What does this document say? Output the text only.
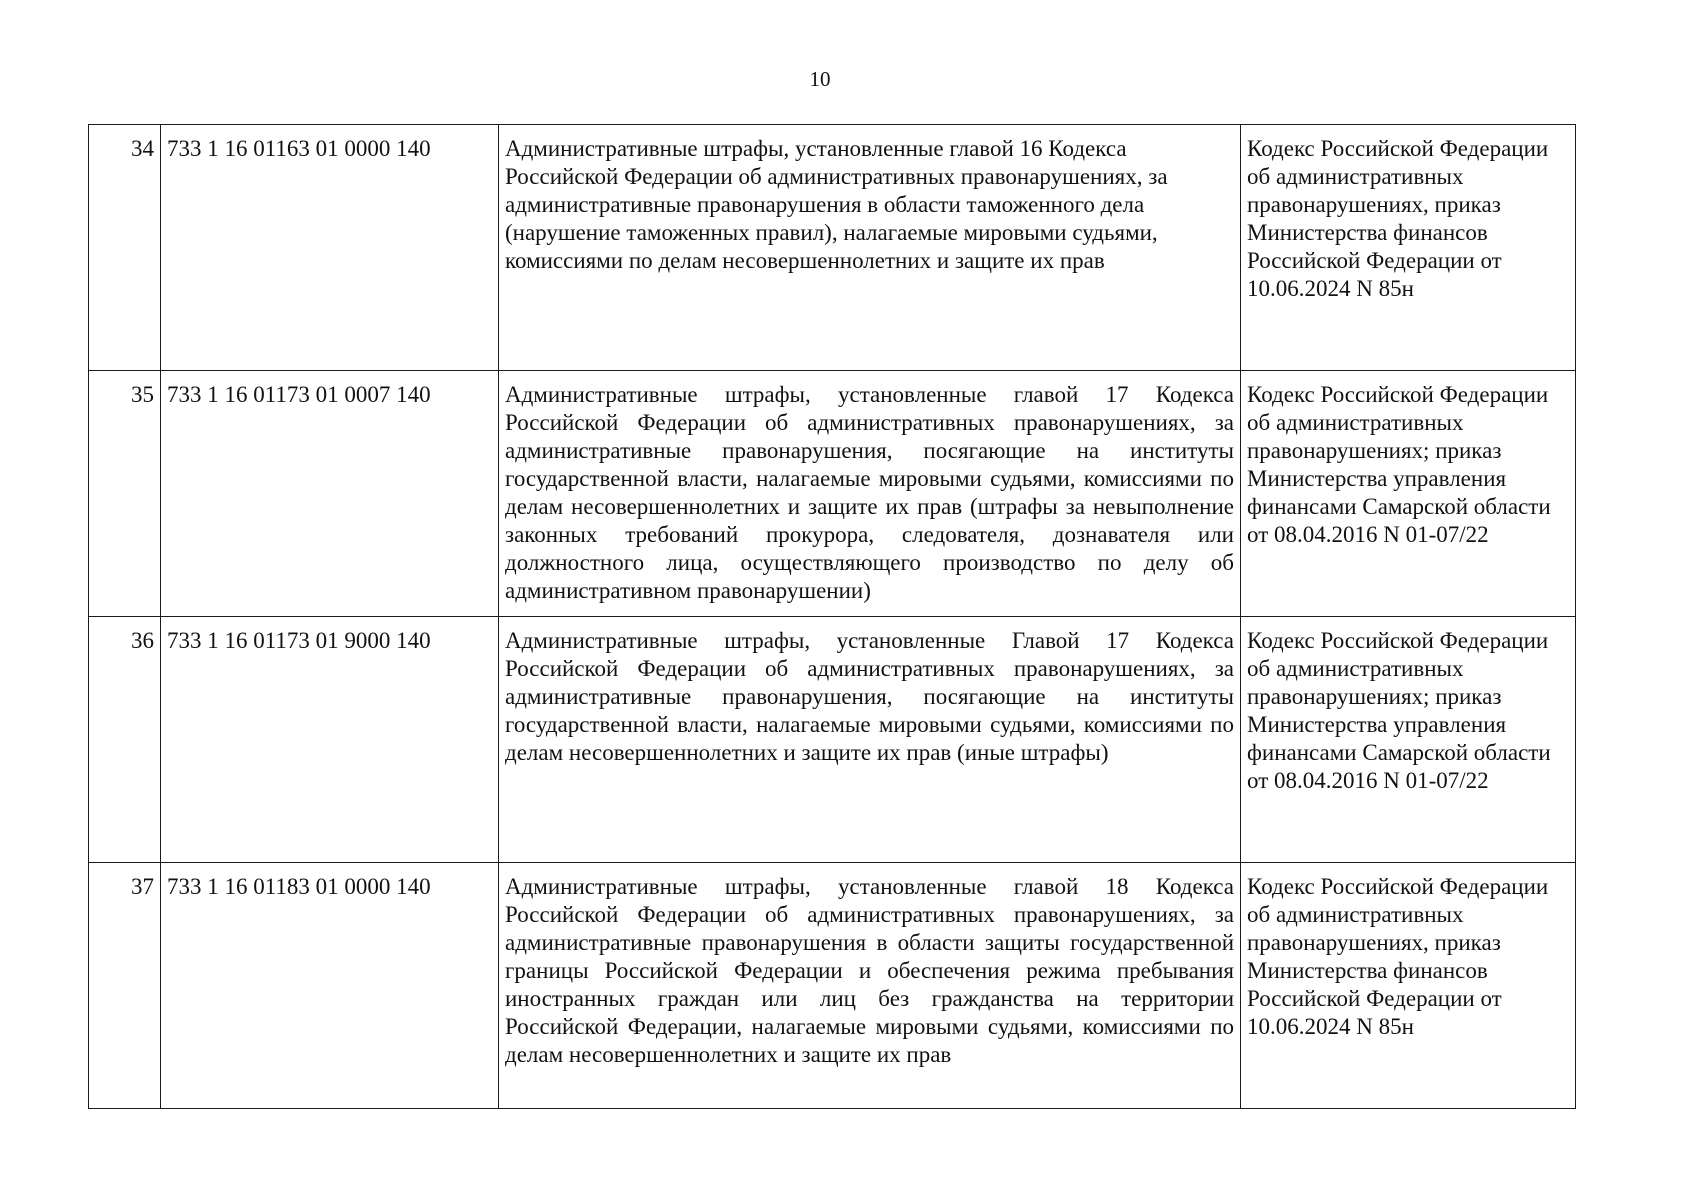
10
34	733 1 16 01163 01 0000 140	Административные штрафы, установленные главой 16 Кодекса Российской Федерации об административных правонарушениях, за административные правонарушения в области таможенного дела (нарушение таможенных правил), налагаемые мировыми судьями, комиссиями по делам несовершеннолетних и защите их прав	Кодекс Российской Федерации об административных правонарушениях, приказ Министерства финансов Российской Федерации от 10.06.2024 N 85н
35	733 1 16 01173 01 0007 140	Административные штрафы, установленные главой 17 Кодекса Российской Федерации об административных правонарушениях, за административные правонарушения, посягающие на институты государственной власти, налагаемые мировыми судьями, комиссиями по делам несовершеннолетних и защите их прав (штрафы за невыполнение законных требований прокурора, следователя, дознавателя или должностного лица, осуществляющего производство по делу об административном правонарушении)	Кодекс Российской Федерации об административных правонарушениях; приказ Министерства управления финансами Самарской области от 08.04.2016 N 01-07/22
36	733 1 16 01173 01 9000 140	Административные штрафы, установленные Главой 17 Кодекса Российской Федерации об административных правонарушениях, за административные правонарушения, посягающие на институты государственной власти, налагаемые мировыми судьями, комиссиями по делам несовершеннолетних и защите их прав (иные штрафы)	Кодекс Российской Федерации об административных правонарушениях; приказ Министерства управления финансами Самарской области от 08.04.2016 N 01-07/22
37	733 1 16 01183 01 0000 140	Административные штрафы, установленные главой 18 Кодекса Российской Федерации об административных правонарушениях, за административные правонарушения в области защиты государственной границы Российской Федерации и обеспечения режима пребывания иностранных граждан или лиц без гражданства на территории Российской Федерации, налагаемые мировыми судьями, комиссиями по делам несовершеннолетних и защите их прав	Кодекс Российской Федерации об административных правонарушениях, приказ Министерства финансов Российской Федерации от 10.06.2024 N 85н
